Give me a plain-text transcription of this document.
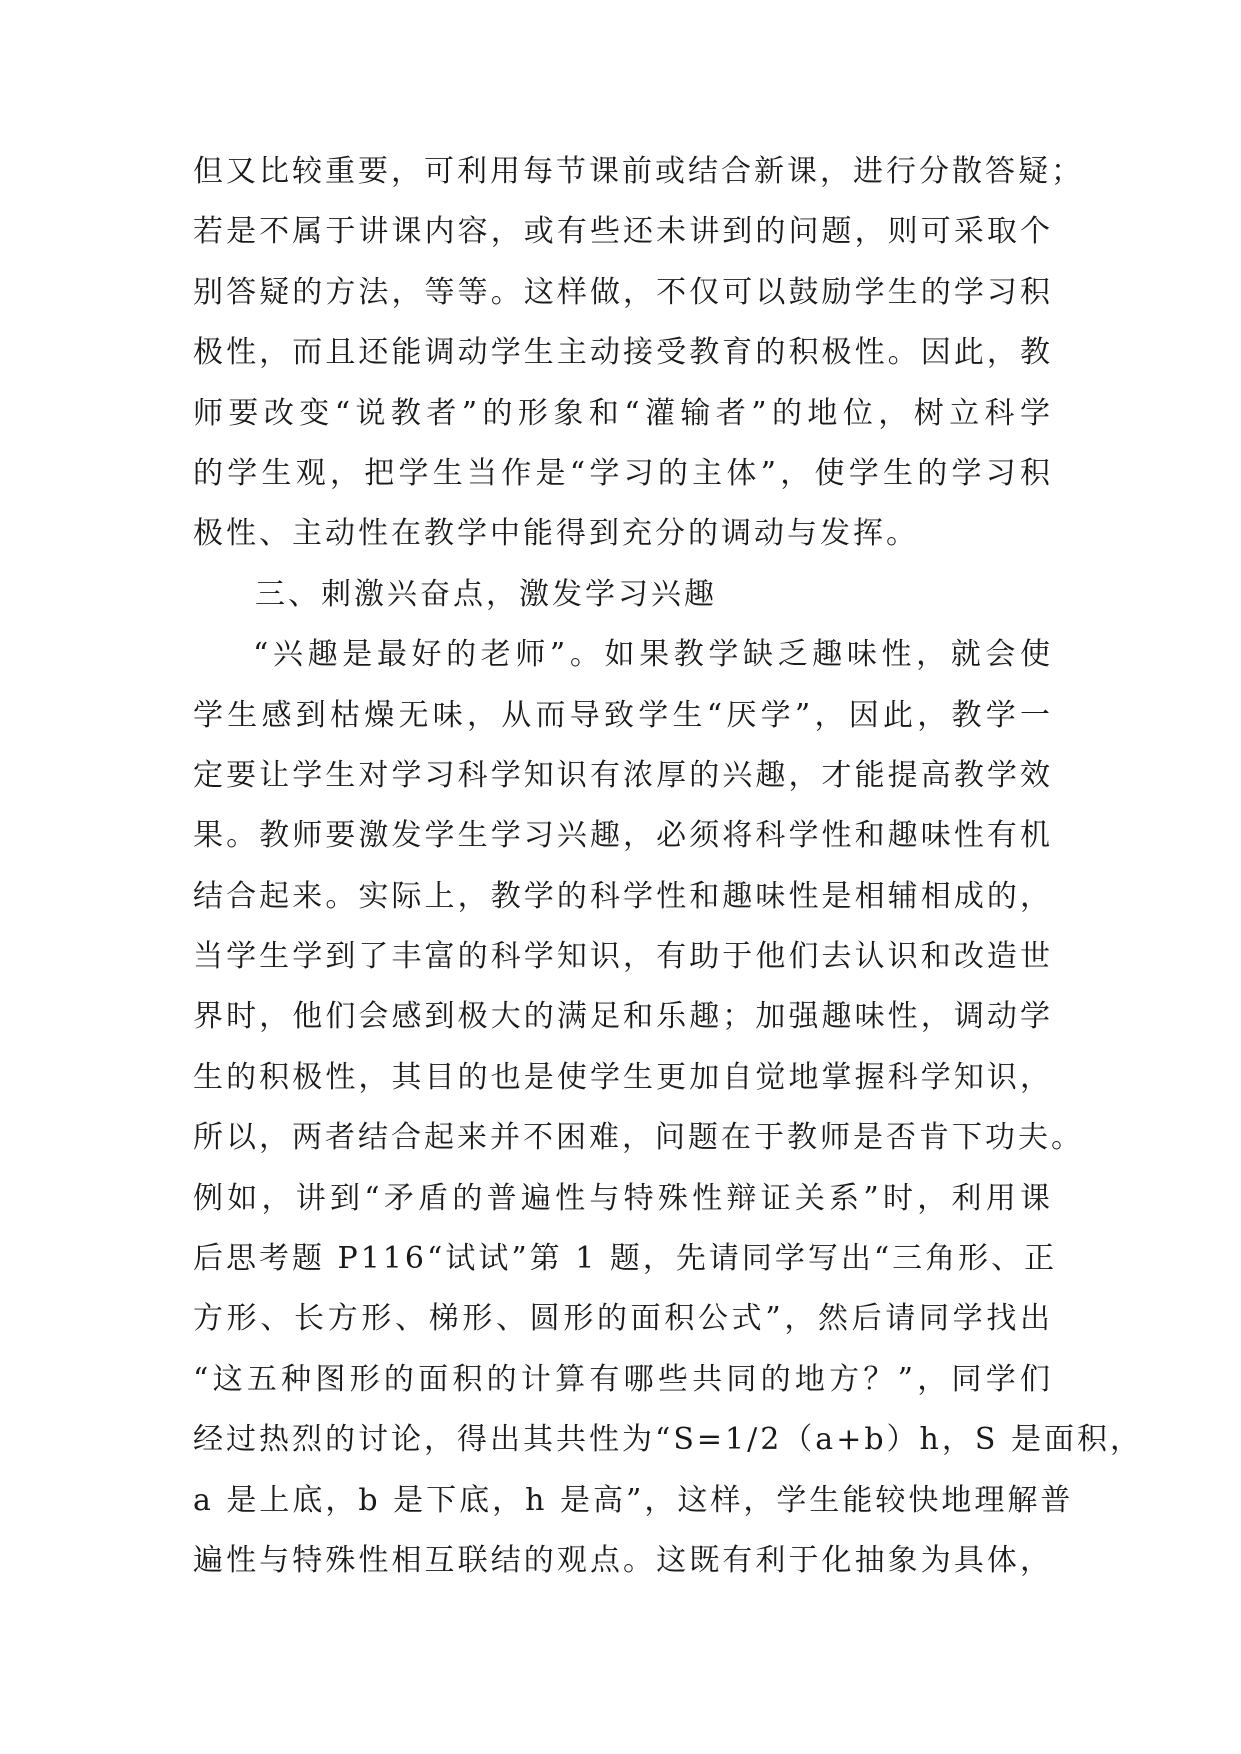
但又比较重要，可利用每节课前或结合新课，进行分散答疑；
若是不属于讲课内容，或有些还未讲到的问题，则可采取个
别答疑的方法，等等。这样做，不仅可以鼓励学生的学习积
极性，而且还能调动学生主动接受教育的积极性。因此，教
师要改变“说教者”的形象和“灌输者”的地位，树立科学
的学生观，把学生当作是“学习的主体”，使学生的学习积
极性、主动性在教学中能得到充分的调动与发挥。
三、刺激兴奋点，激发学习兴趣
“兴趣是最好的老师”。如果教学缺乏趣味性，就会使
学生感到枯燥无味，从而导致学生“厌学”，因此，教学一
定要让学生对学习科学知识有浓厚的兴趣，才能提高教学效
果。教师要激发学生学习兴趣，必须将科学性和趣味性有机
结合起来。实际上，教学的科学性和趣味性是相辅相成的，
当学生学到了丰富的科学知识，有助于他们去认识和改造世
界时，他们会感到极大的满足和乐趣；加强趣味性，调动学
生的积极性，其目的也是使学生更加自觉地掌握科学知识，
所以，两者结合起来并不困难，问题在于教师是否肯下功夫。
例如，讲到“矛盾的普遍性与特殊性辩证关系”时，利用课
后思考题 P116“试试”第 1 题，先请同学写出“三角形、正
方形、长方形、梯形、圆形的面积公式”，然后请同学找出
“这五种图形的面积的计算有哪些共同的地方？”，同学们
经过热烈的讨论，得出其共性为“S=1/2（a+b）h，S 是面积，
a 是上底，b 是下底，h 是高”，这样，学生能较快地理解普
遍性与特殊性相互联结的观点。这既有利于化抽象为具体，
